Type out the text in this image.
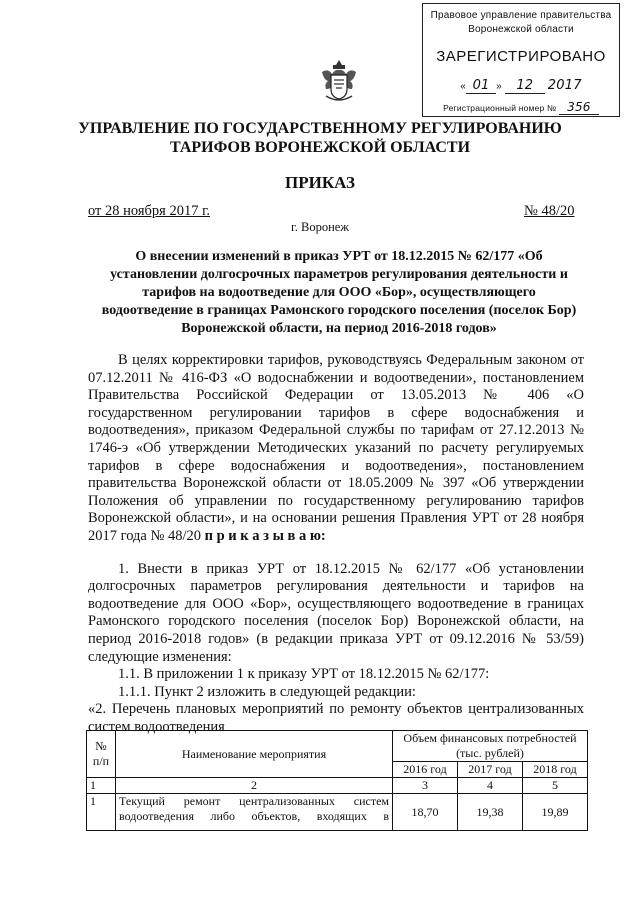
Правовое управление правительства
Воронежской области
ЗАРЕГИСТРИРОВАНО
« 01 » 12 2017
Регистрационный номер № 356
УПРАВЛЕНИЕ ПО ГОСУДАРСТВЕННОМУ РЕГУЛИРОВАНИЮ
ТАРИФОВ ВОРОНЕЖСКОЙ ОБЛАСТИ
ПРИКАЗ
от 28 ноября 2017 г.	№ 48/20
г. Воронеж
О внесении изменений в приказ УРТ от 18.12.2015 № 62/177 «Об
установлении долгосрочных параметров регулирования деятельности и
тарифов на водоотведение для ООО «Бор», осуществляющего
водоотведение в границах Рамонского городского поселения (поселок Бор)
Воронежской области, на период 2016-2018 годов»

В целях корректировки тарифов, руководствуясь Федеральным законом от 07.12.2011 № 416-ФЗ «О водоснабжении и водоотведении», постановлением Правительства Российской Федерации от 13.05.2013 № 406 «О государственном регулировании тарифов в сфере водоснабжения и водоотведения», приказом Федеральной службы по тарифам от 27.12.2013 № 1746-э «Об утверждении Методических указаний по расчету регулируемых тарифов в сфере водоснабжения и водоотведения», постановлением правительства Воронежской области от 18.05.2009 № 397 «Об утверждении Положения об управлении по государственному регулированию тарифов Воронежской области», и на основании решения Правления УРТ от 28 ноября 2017 года № 48/20 п р и к а з ы в а ю:

1. Внести в приказ УРТ от 18.12.2015 № 62/177 «Об установлении долгосрочных параметров регулирования деятельности и тарифов на водоотведение для ООО «Бор», осуществляющего водоотведение в границах Рамонского городского поселения (поселок Бор) Воронежской области, на период 2016-2018 годов» (в редакции приказа УРТ от 09.12.2016 № 53/59) следующие изменения:

1.1. В приложении 1 к приказу УРТ от 18.12.2015 № 62/177:

1.1.1. Пункт 2 изложить в следующей редакции:

«2. Перечень плановых мероприятий по ремонту объектов централизованных систем водоотведения

№ п/п	Наименование мероприятия	Объем финансовых потребностей (тыс. рублей)		
		2016 год	2017 год	2018 год
1	2	3	4	5
1	Текущий ремонт централизованных систем водоотведения либо объектов, входящих в	18,70	19,38	19,89
